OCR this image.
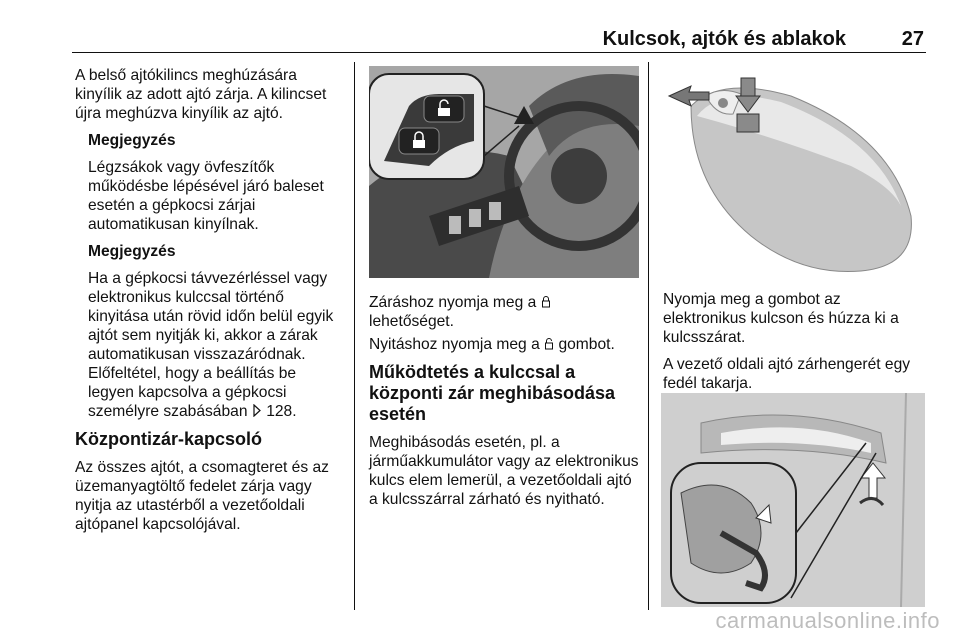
Kulcsok, ajtók és ablakok	27

A belső ajtókilincs meghúzására kinyílik az adott ajtó zárja. A kilincset újra meghúzva kinyílik az ajtó.

Megjegyzés

Légzsákok vagy övfeszítők működésbe lépésével járó baleset esetén a gépkocsi zárjai automatikusan kinyílnak.

Megjegyzés

Ha a gépkocsi távvezérléssel vagy elektronikus kulccsal történő kinyitása után rövid időn belül egyik ajtót sem nyitják ki, akkor a zárak automatikusan visszazáródnak.

Előfeltétel, hogy a beállítás be legyen kapcsolva a gépkocsi személyre szabásában 128.

Központizár-kapcsoló

Az összes ajtót, a csomagteret és az üzemanyagtöltő fedelet zárja vagy nyitja az utastérből a vezetőoldali ajtópanel kapcsolójával.

Záráshoz nyomja meg a
lehetőséget.

Nyitáshoz nyomja meg a gombot.

Működtetés a kulccsal a központi zár meghibásodása esetén

Meghibásodás esetén, pl. a járműakkumulátor vagy az elektronikus kulcs elem lemerül, a vezetőoldali ajtó a kulcsszárral zárható és nyitható.

Nyomja meg a gombot az elektronikus kulcson és húzza ki a kulcsszárat.

A vezető oldali ajtó zárhengerét egy fedél takarja.

carmanualsonline.info
